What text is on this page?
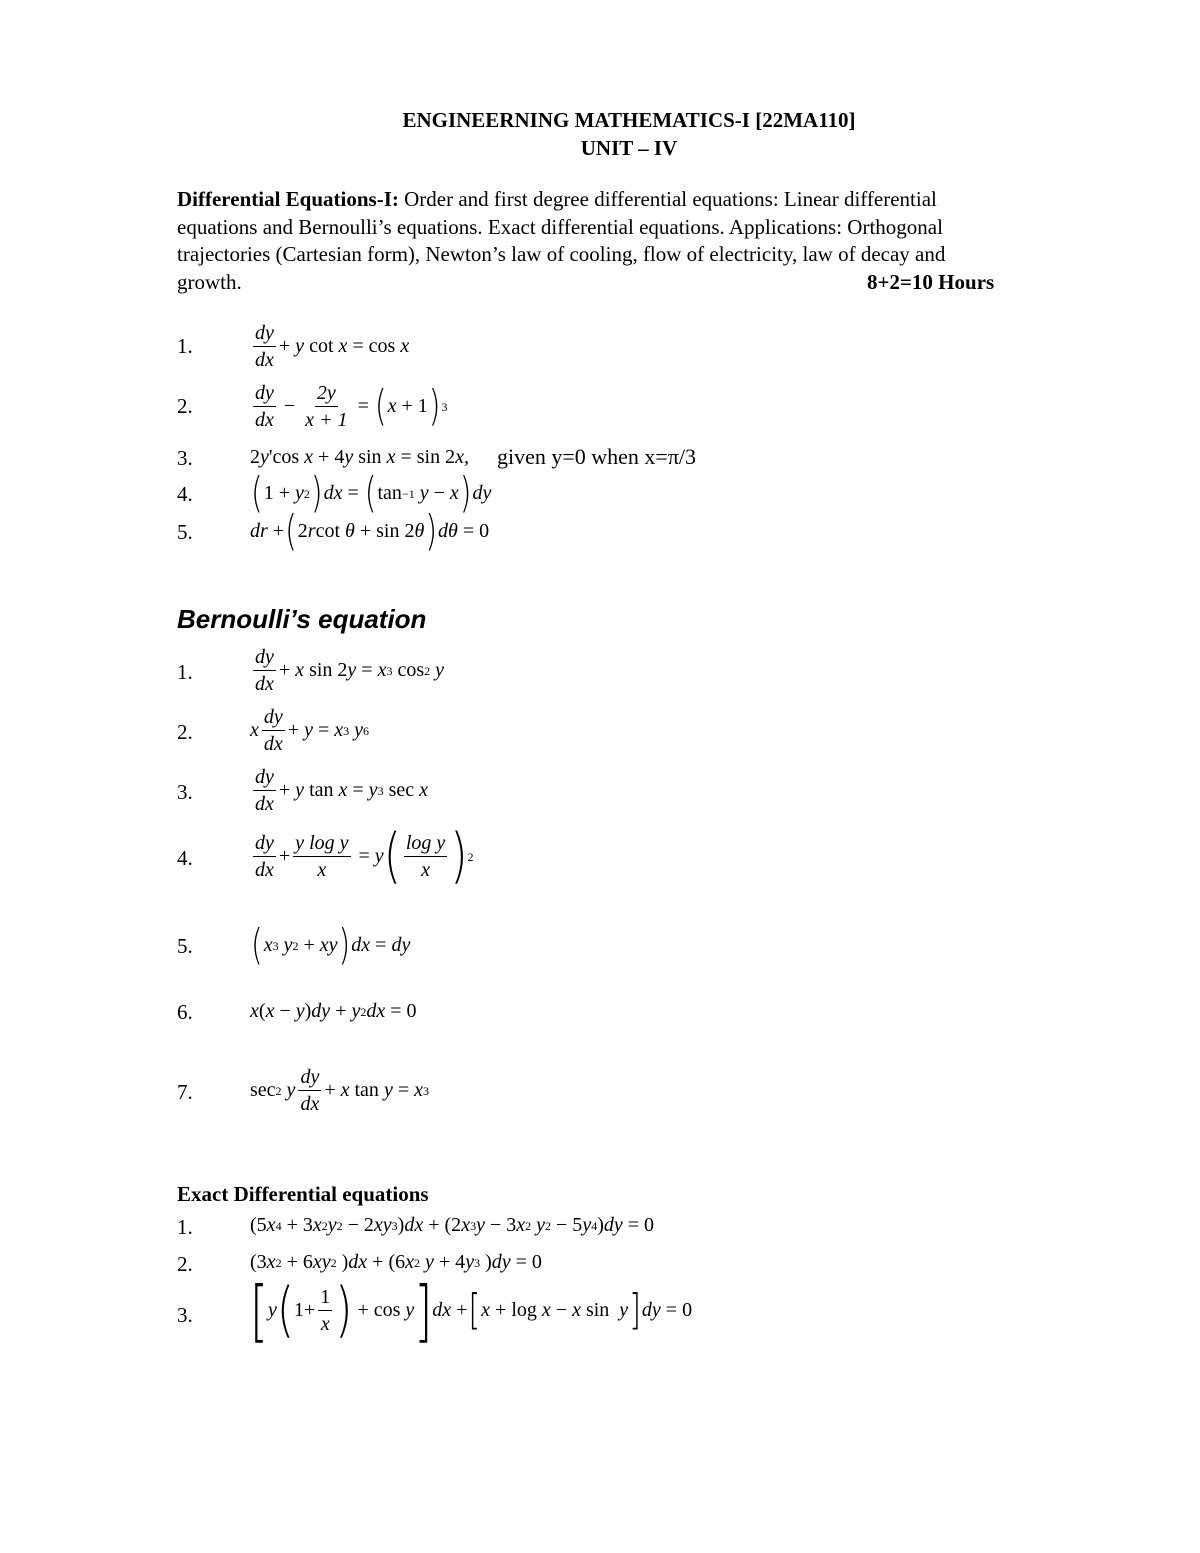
ENGINEERNING MATHEMATICS-I [22MA110]
UNIT – IV
Differential Equations-I: Order and first degree differential equations: Linear differential
equations and Bernoulli’s equations. Exact differential equations. Applications: Orthogonal
trajectories (Cartesian form), Newton’s law of cooling, flow of electricity, law of decay and
growth.	8+2=10 Hours
1.	$\frac{dy}{dx} + y$ cot x = cos x
2.	$\frac{dy}{dx} - \frac{2y}{x + 1}$ = ( x + 1 ) 3
3.	2 y 'cos x + 4 y sin x = sin 2 x , given y=0 when x=π/3
4. ( 1 + y 2 ) dx = ( tan −1
y − x ) dy
5.	dr + ( 2 r cot θ + sin 2 θ ) dθ = 0
Bernoulli’s equation
1.	$\frac{dy}{dx} + x$ sin 2 y = x 3 cos 2
y
2.	x $\frac{dy}{dx} + y = x$ 3
y 6
3.	$\frac{dy}{dx} + y$ tan x = y 3 sec x
4.	$\frac{dy}{dx} + \frac{\text{y log y}}{x} = y$ ( $\frac{\text{log y}}{x}$ ) 2
5. ( x 3
y 2 + xy ) dx = dy
6.	x ( x − y ) dy + y 2 dx = 0
7.	sec 2
y $\frac{dy}{dx} + x$ tan y = x 3
Exact Differential equations
1.	(5 x 4 + 3 x 2 y 2 − 2 xy 3 ) dx + (2 x 3 y − 3 x 2
y 2 − 5 y 4 ) dy = 0
2.	(3 x 2 + 6 xy 2 ) dx + (6 x 2
y + 4 y 3 ) dy = 0
3. [ y ( $1+ \frac{1}{x}$ ) + cos y ] dx + [ x + log x − x sin y ] dy = 0
